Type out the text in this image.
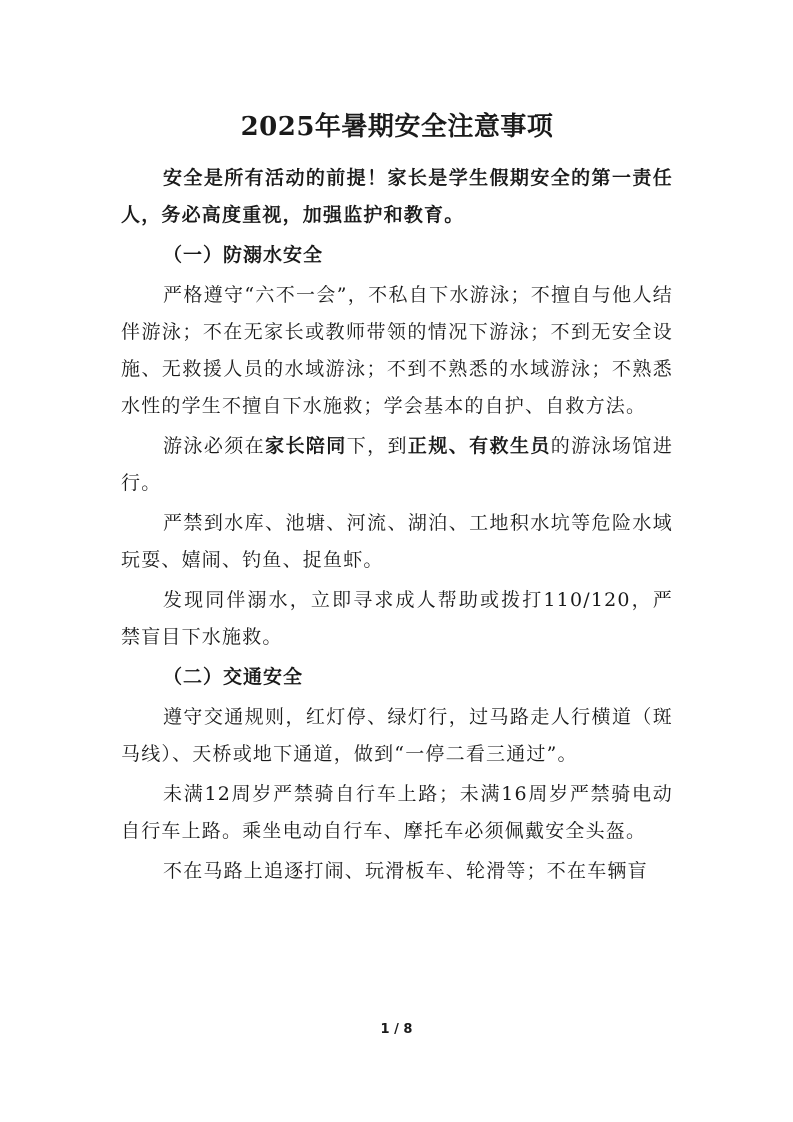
2025年暑期安全注意事项

安全是所有活动的前提！家长是学生假期安全的第一责任人，务必高度重视，加强监护和教育。

（一）防溺水安全

严格遵守“六不一会”，不私自下水游泳；不擅自与他人结伴游泳；不在无家长或教师带领的情况下游泳；不到无安全设施、无救援人员的水域游泳；不到不熟悉的水域游泳；不熟悉水性的学生不擅自下水施救；学会基本的自护、自救方法。

游泳必须在家长陪同下，到正规、有救生员的游泳场馆进行。

严禁到水库、池塘、河流、湖泊、工地积水坑等危险水域玩耍、嬉闹、钓鱼、捉鱼虾。

发现同伴溺水，立即寻求成人帮助或拨打110/120，严禁盲目下水施救。

（二）交通安全

遵守交通规则，红灯停、绿灯行，过马路走人行横道（斑马线）、天桥或地下通道，做到“一停二看三通过”。

未满12周岁严禁骑自行车上路；未满16周岁严禁骑电动自行车上路。乘坐电动自行车、摩托车必须佩戴安全头盔。

不在马路上追逐打闹、玩滑板车、轮滑等；不在车辆盲

1 / 8
